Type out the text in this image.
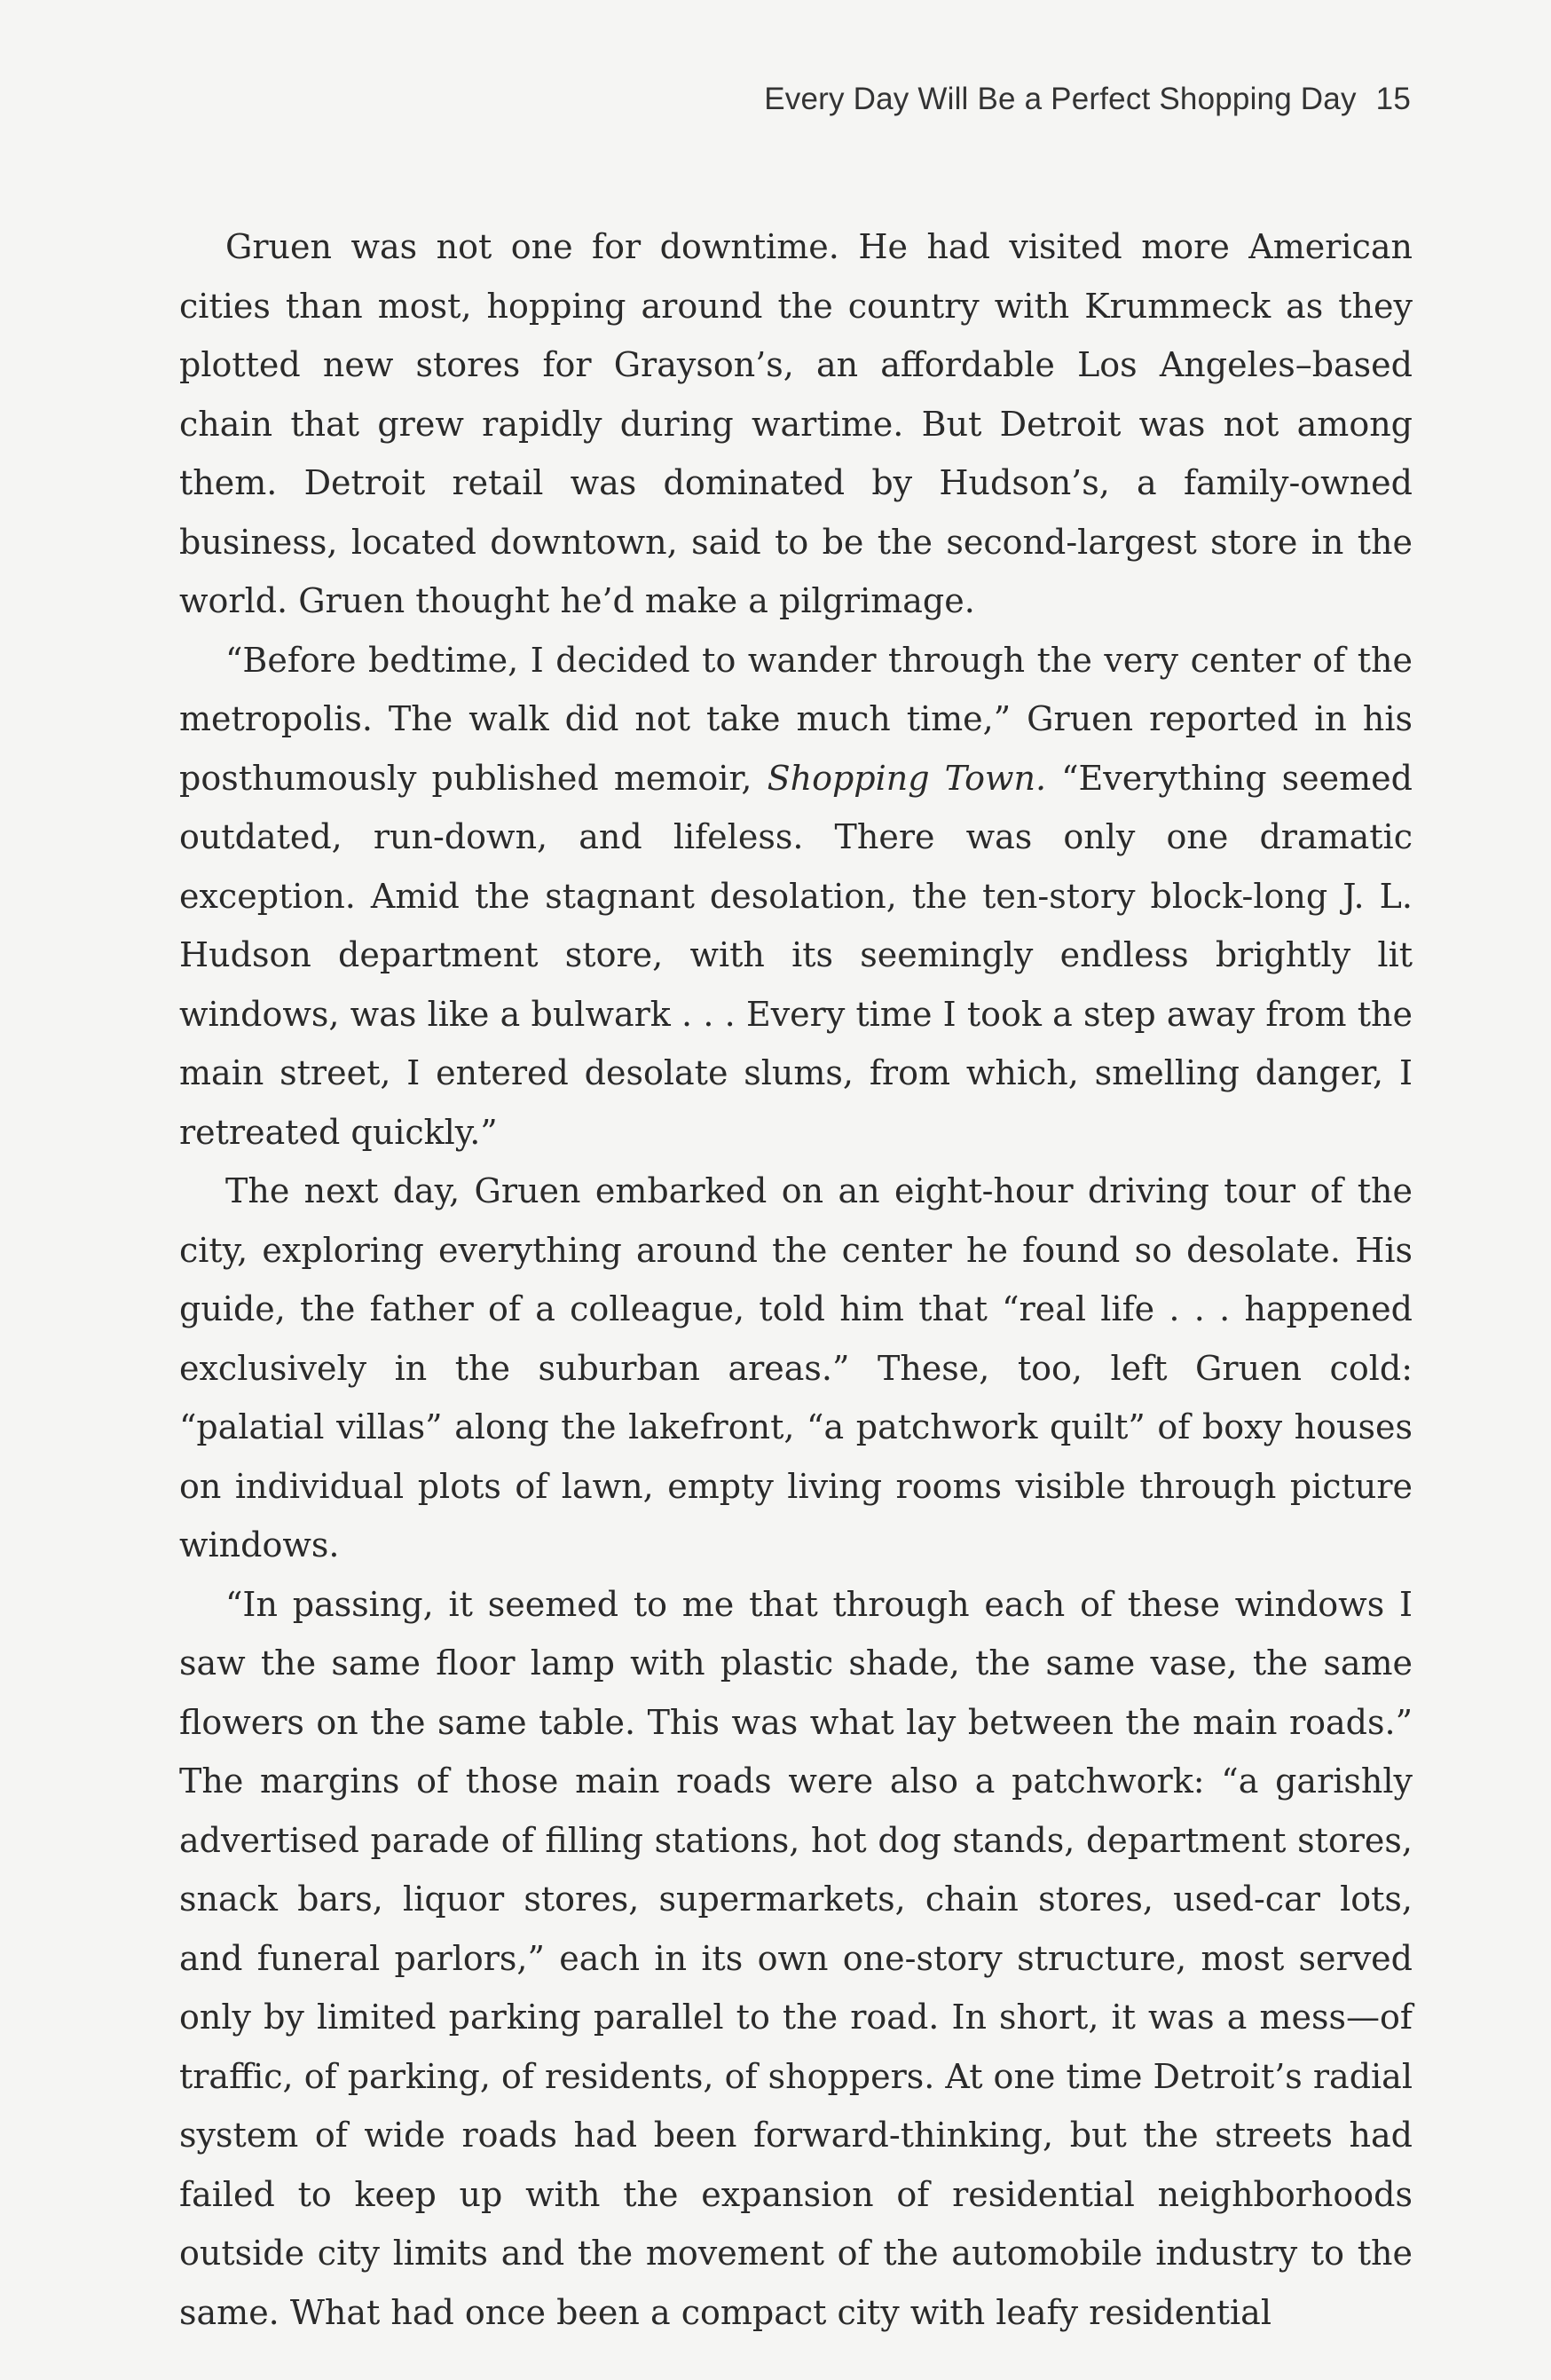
Every Day Will Be a Perfect Shopping Day 15

Gruen was not one for downtime. He had visited more American cities than most, hopping around the country with Krummeck as they plotted new stores for Grayson’s, an affordable Los Angeles–based chain that grew rapidly during wartime. But Detroit was not among them. Detroit retail was dominated by Hudson’s, a family-owned business, located downtown, said to be the second-largest store in the world. Gruen thought he’d make a pilgrimage.

“Before bedtime, I decided to wander through the very center of the metropolis. The walk did not take much time,” Gruen reported in his posthumously published memoir, Shopping Town. “Everything seemed outdated, run-down, and lifeless. There was only one dramatic exception. Amid the stagnant desolation, the ten-story block-long J. L. Hudson department store, with its seemingly endless brightly lit windows, was like a bulwark . . . Every time I took a step away from the main street, I entered desolate slums, from which, smelling danger, I retreated quickly.”

The next day, Gruen embarked on an eight-hour driving tour of the city, exploring everything around the center he found so desolate. His guide, the father of a colleague, told him that “real life . . . happened exclusively in the suburban areas.” These, too, left Gruen cold: “palatial villas” along the lakefront, “a patchwork quilt” of boxy houses on individual plots of lawn, empty living rooms visible through picture windows.

“In passing, it seemed to me that through each of these windows I saw the same floor lamp with plastic shade, the same vase, the same flowers on the same table. This was what lay between the main roads.” The margins of those main roads were also a patchwork: “a garishly advertised parade of filling stations, hot dog stands, department stores, snack bars, liquor stores, supermarkets, chain stores, used-car lots, and funeral parlors,” each in its own one-story structure, most served only by limited parking parallel to the road. In short, it was a mess—of traffic, of parking, of residents, of shoppers. At one time Detroit’s radial system of wide roads had been forward-thinking, but the streets had failed to keep up with the expansion of residential neighborhoods outside city limits and the movement of the automobile industry to the same. What had once been a compact city with leafy residential
